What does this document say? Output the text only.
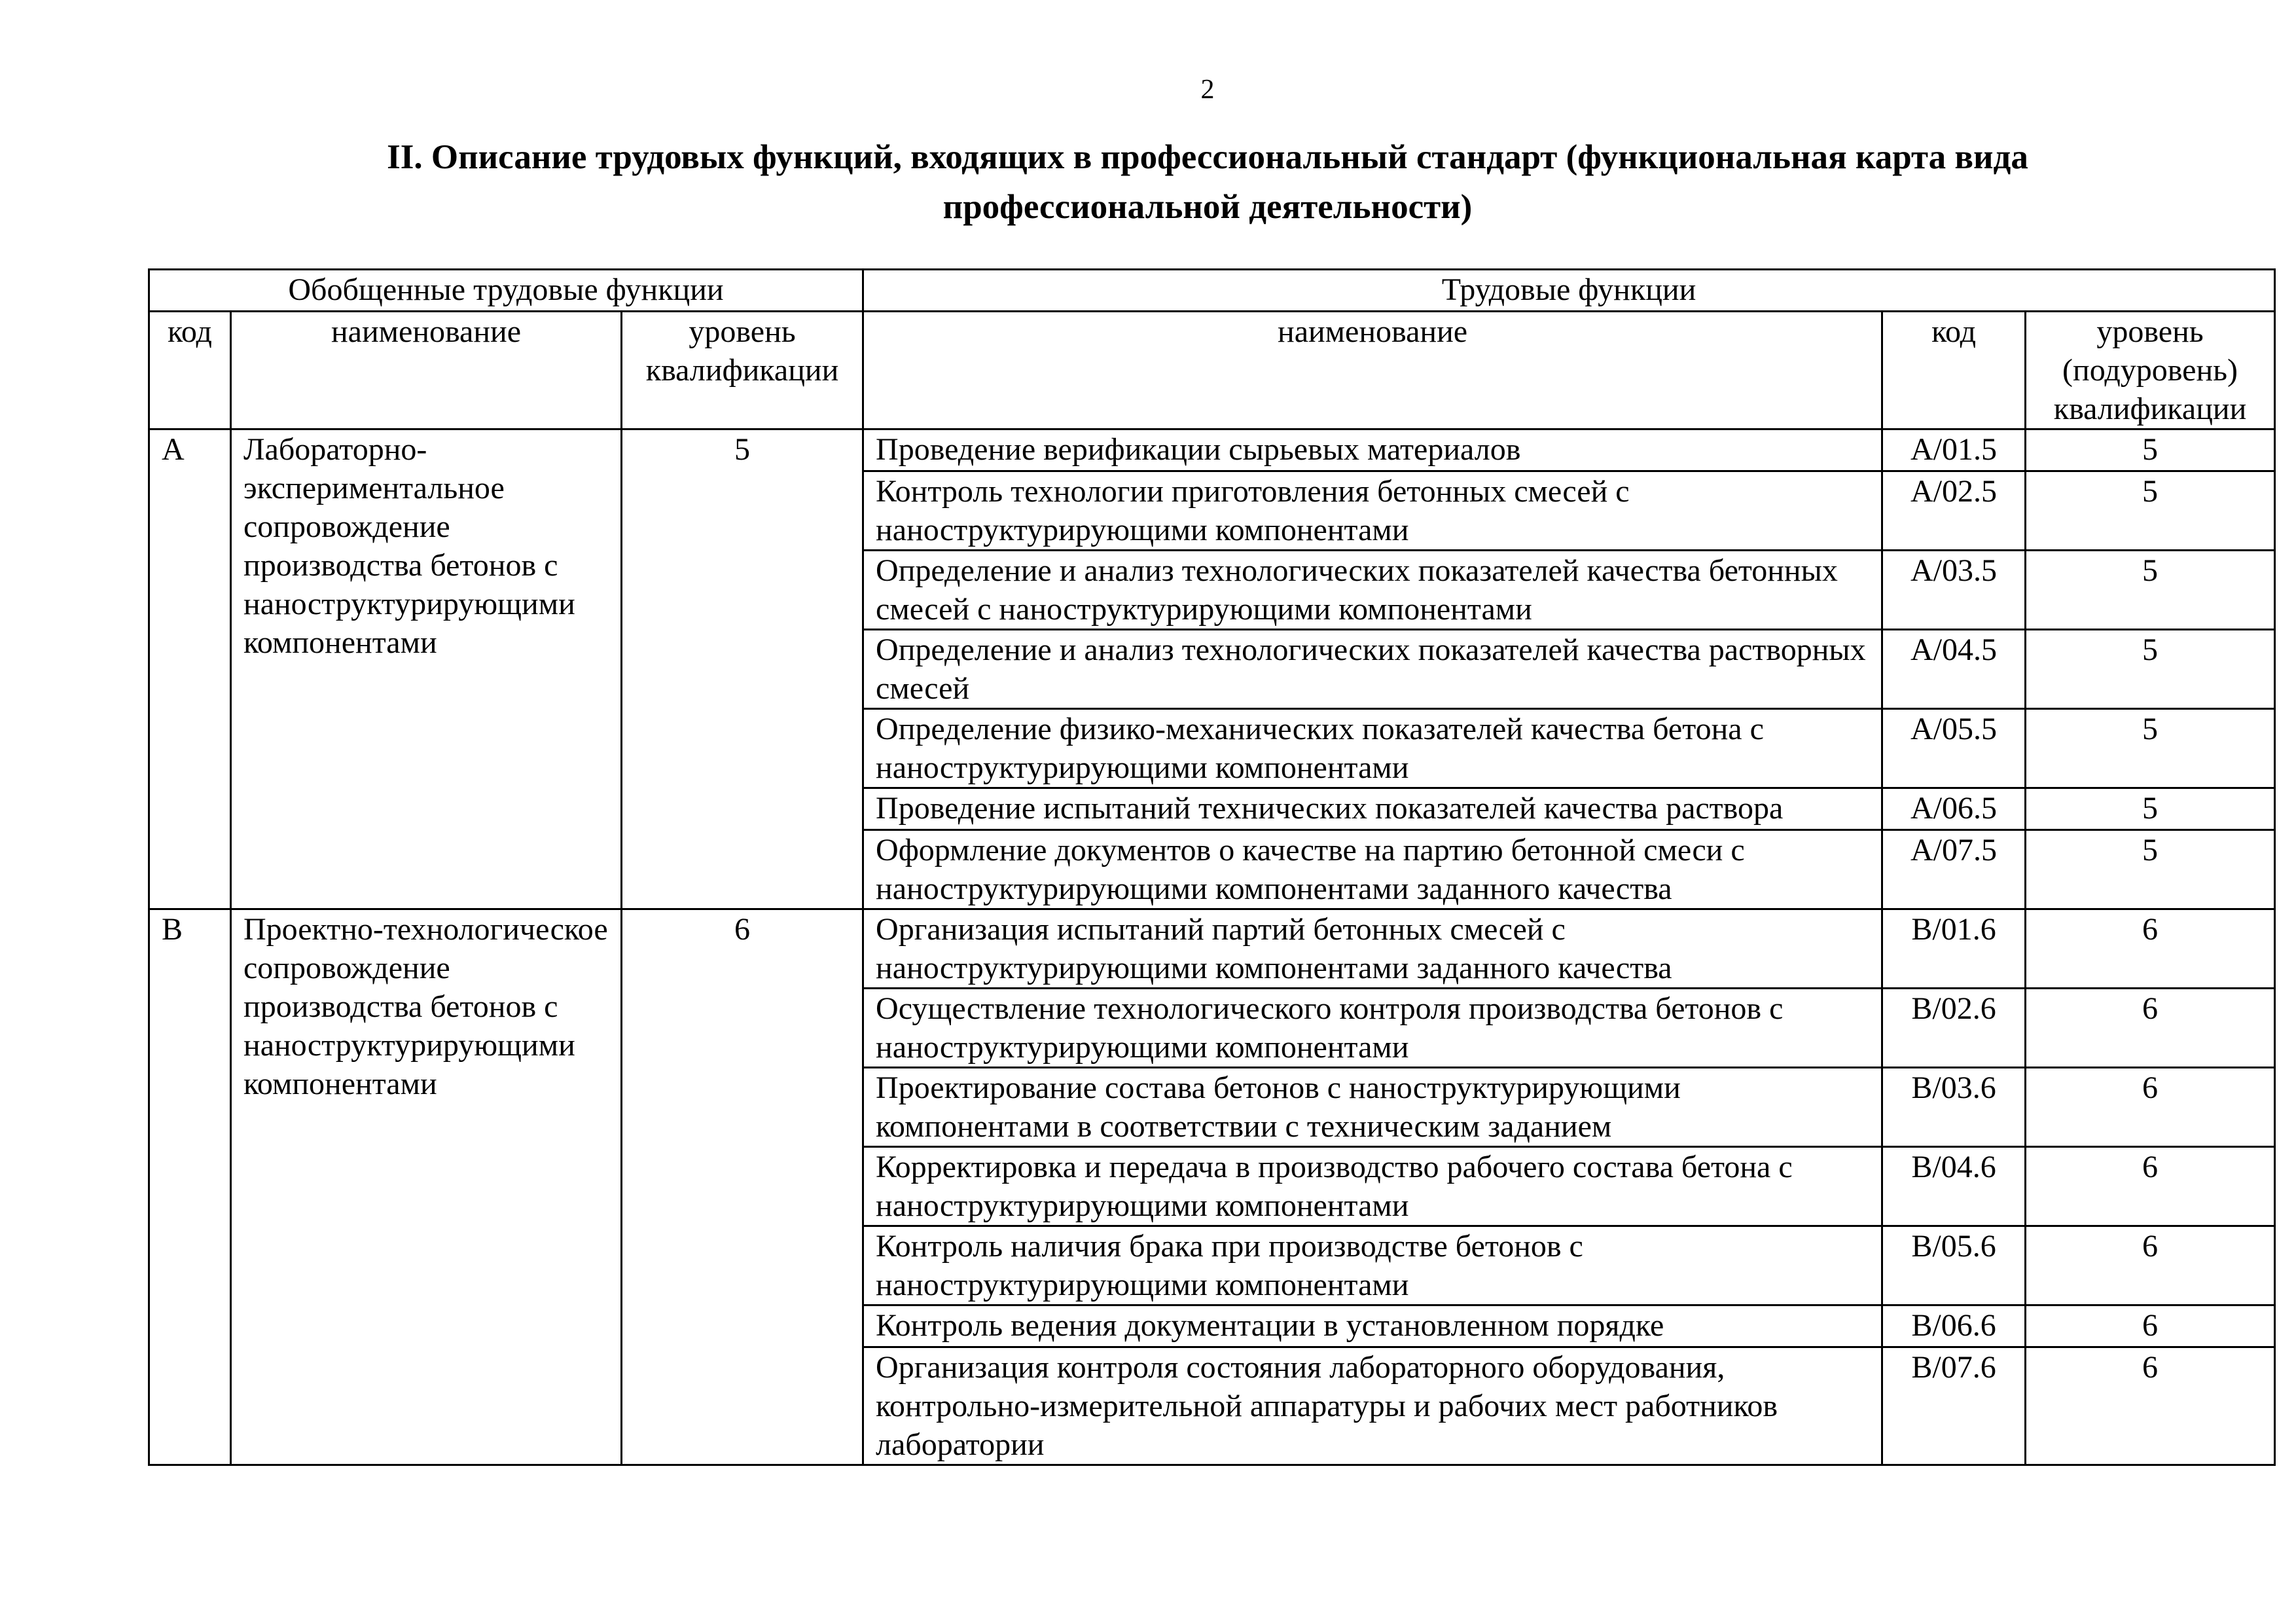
2
II. Описание трудовых функций, входящих в профессиональный стандарт (функциональная карта вида профессиональной деятельности)
Обобщенные трудовые функции			Трудовые функции		
код	наименование	уровень квалификации	наименование	код	уровень (подуровень) квалификации
A	Лабораторно-экспериментальное сопровождение производства бетонов с наноструктурирующими компонентами	5	Проведение верификации сырьевых материалов	A/01.5	5
			Контроль технологии приготовления бетонных смесей с наноструктурирующими компонентами	A/02.5	5
			Определение и анализ технологических показателей качества бетонных смесей с наноструктурирующими компонентами	A/03.5	5
			Определение и анализ технологических показателей качества растворных смесей	A/04.5	5
			Определение физико-механических показателей качества бетона с наноструктурирующими компонентами	A/05.5	5
			Проведение испытаний технических показателей качества раствора	A/06.5	5
			Оформление документов о качестве на партию бетонной смеси с наноструктурирующими компонентами заданного качества	A/07.5	5
B	Проектно-технологическое сопровождение производства бетонов с наноструктурирующими компонентами	6	Организация испытаний партий бетонных смесей с наноструктурирующими компонентами заданного качества	B/01.6	6
			Осуществление технологического контроля производства бетонов с наноструктурирующими компонентами	B/02.6	6
			Проектирование состава бетонов с наноструктурирующими компонентами в соответствии с техническим заданием	B/03.6	6
			Корректировка и передача в производство рабочего состава бетона с наноструктурирующими компонентами	B/04.6	6
			Контроль наличия брака при производстве бетонов с наноструктурирующими компонентами	B/05.6	6
			Контроль ведения документации в установленном порядке	B/06.6	6
			Организация контроля состояния лабораторного оборудования, контрольно-измерительной аппаратуры и рабочих мест работников лаборатории	B/07.6	6
